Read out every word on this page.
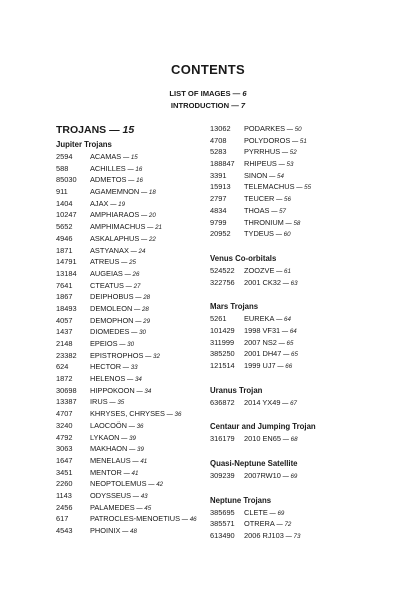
CONTENTS
LIST OF IMAGES — 6
INTRODUCTION — 7
TROJANS — 15
Jupiter Trojans
2594 ACAMAS — 15
588	ACHILLES — 16
85030 ADMETOS — 16
911	AGAMEMNON — 18
1404 AJAX — 19
10247 AMPHIARAOS — 20
5652 AMPHIMACHUS — 21
4946 ASKALAPHUS — 22
1871 ASTYANAX — 24
14791 ATREUS — 25
13184 AUGEIAS — 26
7641 CTEATUS — 27
1867 DEIPHOBUS — 28
18493 DEMOLEON — 28
4057 DEMOPHON — 29
1437 DIOMEDES — 30
2148 EPEIOS — 30
23382 EPISTROPHOS — 32
624	HECTOR — 33
1872 HELENOS — 34
30698 HIPPOKOON — 34
13387 IRUS — 35
4707 KHRYSES, CHRYSES — 36
3240 LAOCOÖN — 36
4792 LYKAON — 39
3063 MAKHAON — 39
1647 MENELAUS — 41
3451 MENTOR — 41
2260 NEOPTOLEMUS — 42
1143 ODYSSEUS — 43
2456 PALAMEDES — 45
617	PATROCLES-MENOETIUS — 46
4543 PHOINIX — 48
13062 PODARKES — 50
4708 POLYDOROS — 51
5283 PYRRHUS — 52
188847 RHIPEUS — 53
3391 SINON — 54
15913 TELEMACHUS — 55
2797 TEUCER — 56
4834 THOAS — 57
9799 THRONIUM — 58
20952 TYDEUS — 60
Venus Co-orbitals
524522 ZOOZVE — 61
322756 2001 CK32 — 63
Mars Trojans
5261 EUREKA — 64
101429 1998 VF31 — 64
311999 2007 NS2 — 65
385250 2001 DH47 — 65
121514 1999 UJ7 — 66
Uranus Trojan
636872 2014 YX49 — 67
Centaur and Jumping Trojan
316179 2010 EN65 — 68
Quasi-Neptune Satellite
309239 2007RW10 — 69
Neptune Trojans
385695 CLETE — 69
385571 OTRERA — 72
613490 2006 RJ103 — 73
